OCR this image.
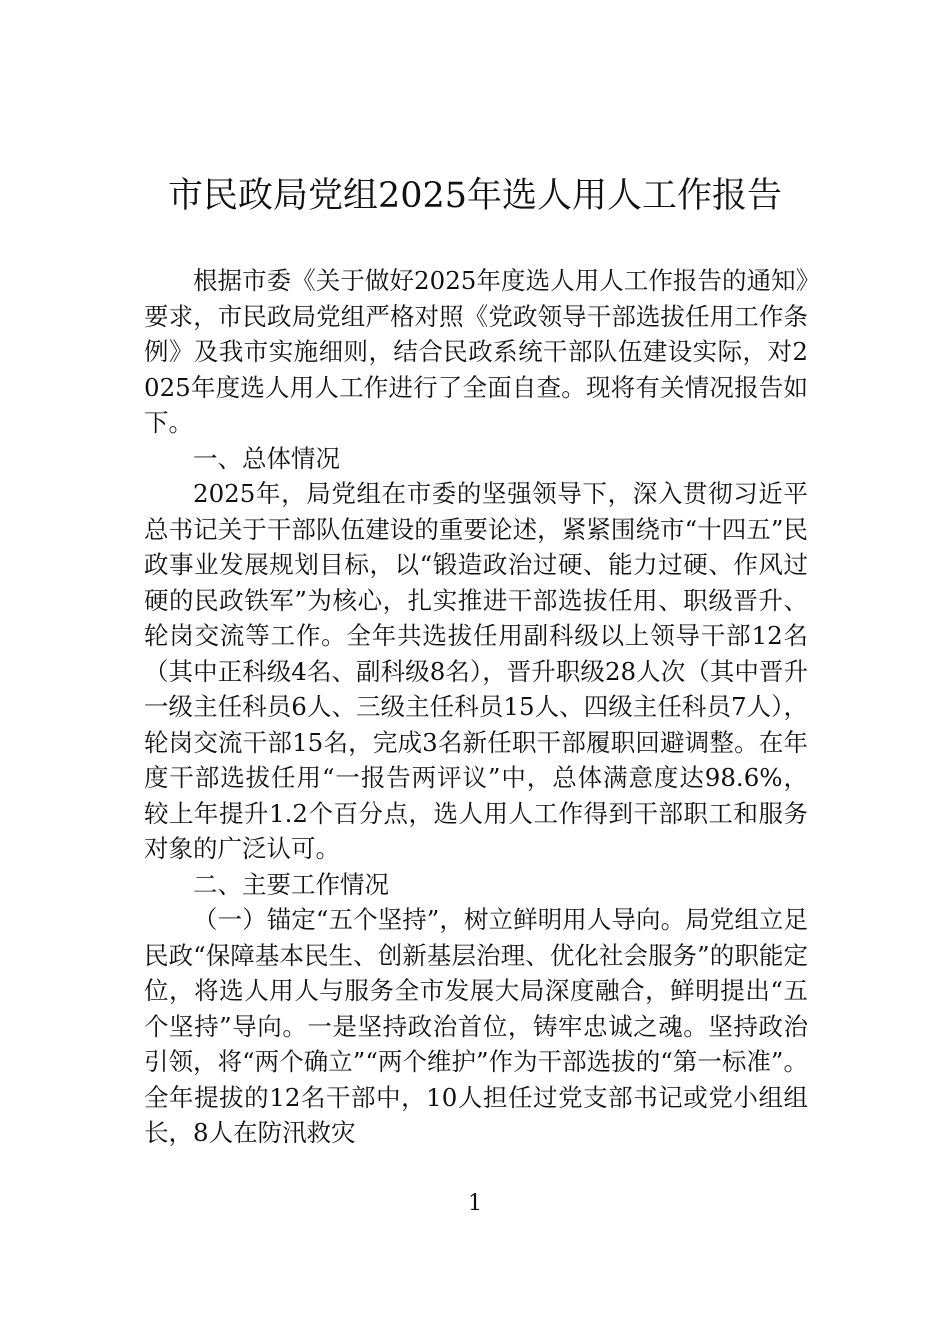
市民政局党组2025年选人用人工作报告

根据市委《关于做好2025年度选人用人工作报告的通知》要求，市民政局党组严格对照《党政领导干部选拔任用工作条例》及我市实施细则，结合民政系统干部队伍建设实际，对2025年度选人用人工作进行了全面自查。现将有关情况报告如下。

一、总体情况

2025年，局党组在市委的坚强领导下，深入贯彻习近平总书记关于干部队伍建设的重要论述，紧紧围绕市“十四五”民政事业发展规划目标，以“锻造政治过硬、能力过硬、作风过硬的民政铁军”为核心，扎实推进干部选拔任用、职级晋升、轮岗交流等工作。全年共选拔任用副科级以上领导干部12名（其中正科级4名、副科级8名），晋升职级28人次（其中晋升一级主任科员6人、三级主任科员15人、四级主任科员7人），轮岗交流干部15名，完成3名新任职干部履职回避调整。在年度干部选拔任用“一报告两评议”中，总体满意度达98.6%，较上年提升1.2个百分点，选人用人工作得到干部职工和服务对象的广泛认可。

二、主要工作情况

（一）锚定“五个坚持”，树立鲜明用人导向。局党组立足民政“保障基本民生、创新基层治理、优化社会服务”的职能定位，将选人用人与服务全市发展大局深度融合，鲜明提出“五个坚持”导向。一是坚持政治首位，铸牢忠诚之魂。坚持政治引领，将“两个确立”“两个维护”作为干部选拔的“第一标准”。全年提拔的12名干部中，10人担任过党支部书记或党小组组长，8人在防汛救灾

1
